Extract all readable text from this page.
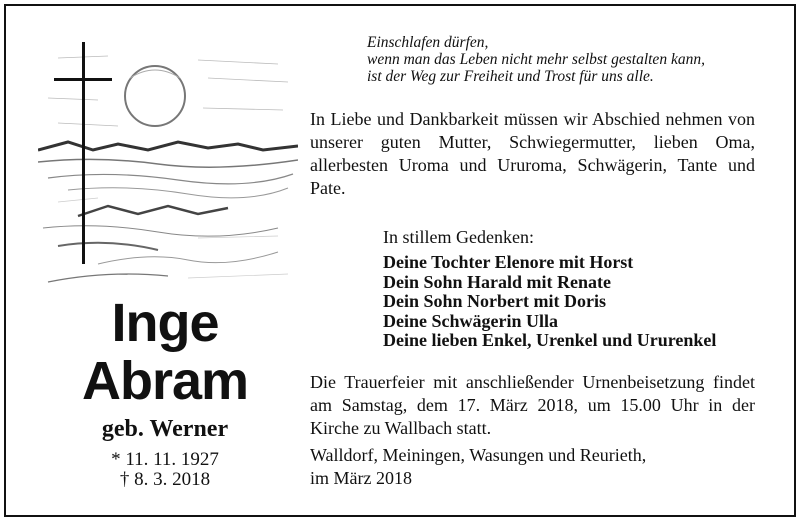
Inge
Abram
geb. Werner
* 11. 11. 1927
† 8. 3. 2018
Einschlafen dürfen,
wenn man das Leben nicht mehr selbst gestalten kann,
ist der Weg zur Freiheit und Trost für uns alle.
In Liebe und Dankbarkeit müssen wir Abschied nehmen von unserer guten Mutter, Schwiegermutter, lieben Oma, allerbesten Uroma und Ururoma, Schwägerin, Tante und Pate.
In stillem Gedenken:
Deine Tochter Elenore mit Horst
Dein Sohn Harald mit Renate
Dein Sohn Norbert mit Doris
Deine Schwägerin Ulla
Deine lieben Enkel, Urenkel und Ururenkel
Die Trauerfeier mit anschließender Urnenbeisetzung findet am Samstag, dem 17. März 2018, um 15.00 Uhr in der Kirche zu Wallbach statt.
Walldorf, Meiningen, Wasungen und Reurieth,
im März 2018
